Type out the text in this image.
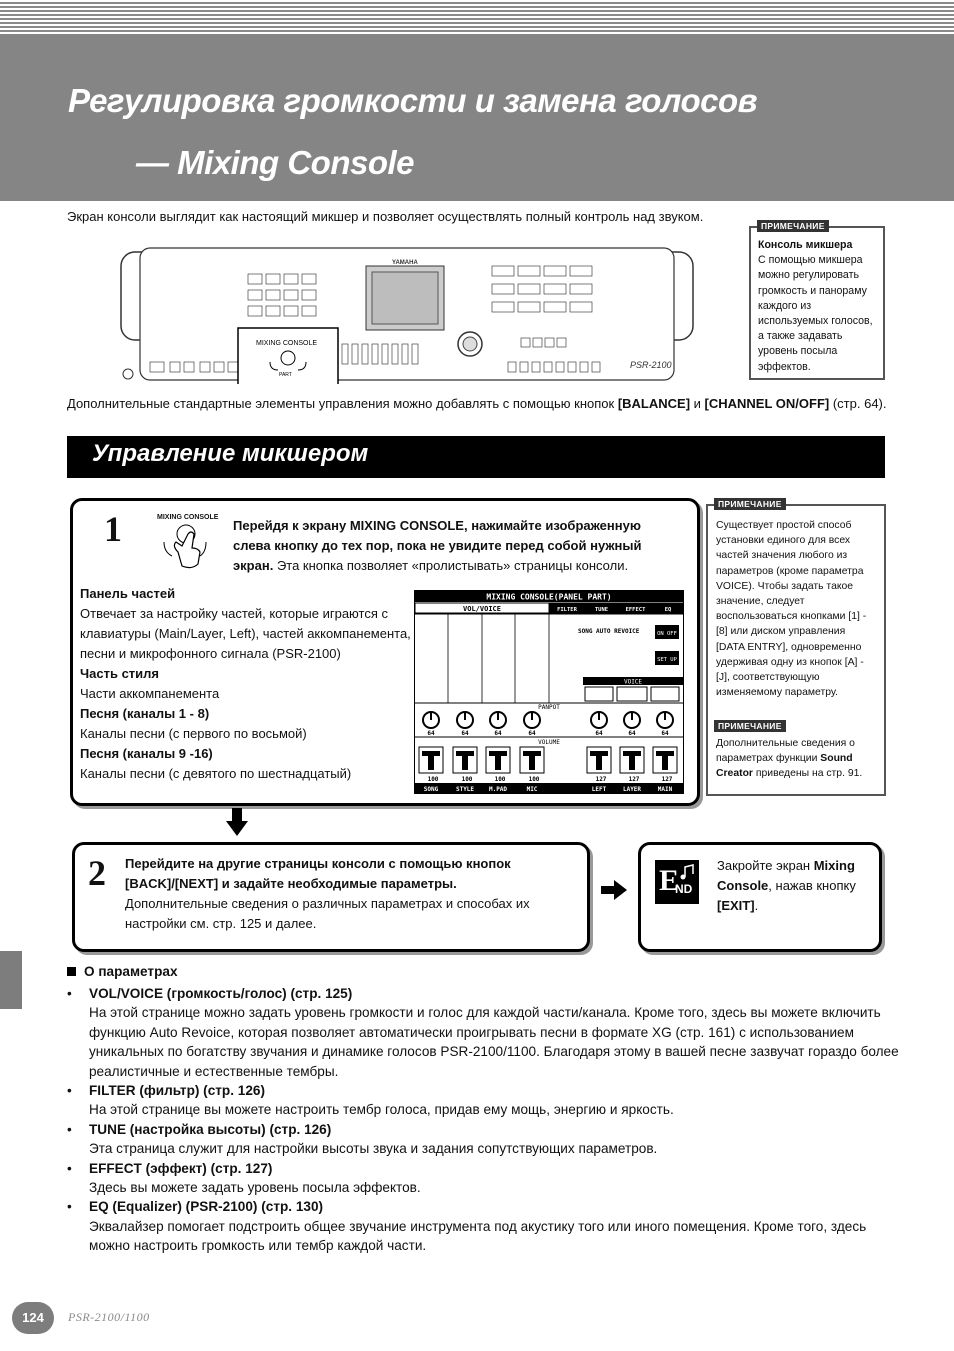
Регулировка громкости и замена голосов
— Mixing Console
Экран консоли выглядит как настоящий микшер и позволяет осуществлять полный контроль над звуком.
YAMAHA
PSR-2100
MIXING CONSOLE
PART
ПРИМЕЧАНИЕ
Консоль микшера
С помощью микшера можно регулировать громкость и панораму каждого из используемых голосов, а также задавать уровень посыла эффектов.
Дополнительные стандартные элементы управления можно добавлять с помощью кнопок [BALANCE] и [CHANNEL ON/OFF] (стр. 64).
Управление микшером
1	MIXING CONSOLE
Перейдя к экрану MIXING CONSOLE, нажимайте изображенную
слева кнопку до тех пор, пока не увидите перед собой нужный
экран. Эта кнопка позволяет «пролистывать» страницы консоли.
Панель частей
Отвечает за настройку частей, которые играются с
клавиатуры (Main/Layer, Left), частей аккомпанемента,
песни и микрофонного сигнала (PSR-2100)
Часть стиля
Части аккомпанемента
Песня (каналы 1 - 8)
Каналы песни (с первого по восьмой)
Песня (каналы 9 -16)
Каналы песни (с девятого по шестнадцатый)
MIXING CONSOLE(PANEL PART)
VOL/VOICE	FILTER	TUNE	EFFECT	EQ
SONG AUTO REVOICE	ON OFF
SET UP
VOICE
PANPOT
64	64	64	64	64	64	64
VOLUME
100	100	100	100	127	127	127
SONG	STYLE M.PAD	MIC	LEFT	LAYER	MAIN
ПРИМЕЧАНИЕ
Существует простой способ
установки единого для всех
частей значения любого из
параметров (кроме параметра
VOICE). Чтобы задать такое
значение, следует
воспользоваться кнопками [1] -
[8] или диском управления
[DATA ENTRY], одновременно
удерживая одну из кнопок [A] -
[J], соответствующую
изменяемому параметру.
ПРИМЕЧАНИЕ
Дополнительные сведения о
параметрах функции Sound
Creator приведены на стр. 91.
2 Перейдите на другие страницы консоли с помощью кнопок
[BACK]/[NEXT] и задайте необходимые параметры.
Дополнительные сведения о различных параметрах и способах их
настройки см. стр. 125 и далее.
E
ND
Закройте экран Mixing
Console, нажав кнопку
[EXIT].
О параметрах
• VOL/VOICE (громкость/голос) (стр. 125)
На этой странице можно задать уровень громкости и голос для каждой части/канала. Кроме того, здесь вы можете включить
функцию Auto Revoice, которая позволяет автоматически проигрывать песни в формате XG (стр. 161) с использованием
уникальных по богатству звучания и динамике голосов PSR-2100/1100. Благодаря этому в вашей песне зазвучат гораздо более
реалистичные и естественные тембры.
• FILTER (фильтр) (стр. 126)
На этой странице вы можете настроить тембр голоса, придав ему мощь, энергию и яркость.
• TUNE (настройка высоты) (стр. 126)
Эта страница служит для настройки высоты звука и задания сопутствующих параметров.
• EFFECT (эффект) (стр. 127)
Здесь вы можете задать уровень посыла эффектов.
• EQ (Equalizer) (PSR-2100) (стр. 130)
Эквалайзер помогает подстроить общее звучание инструмента под акустику того или иного помещения. Кроме того, здесь
можно настроить громкость или тембр каждой части.
124	PSR-2100/1100
